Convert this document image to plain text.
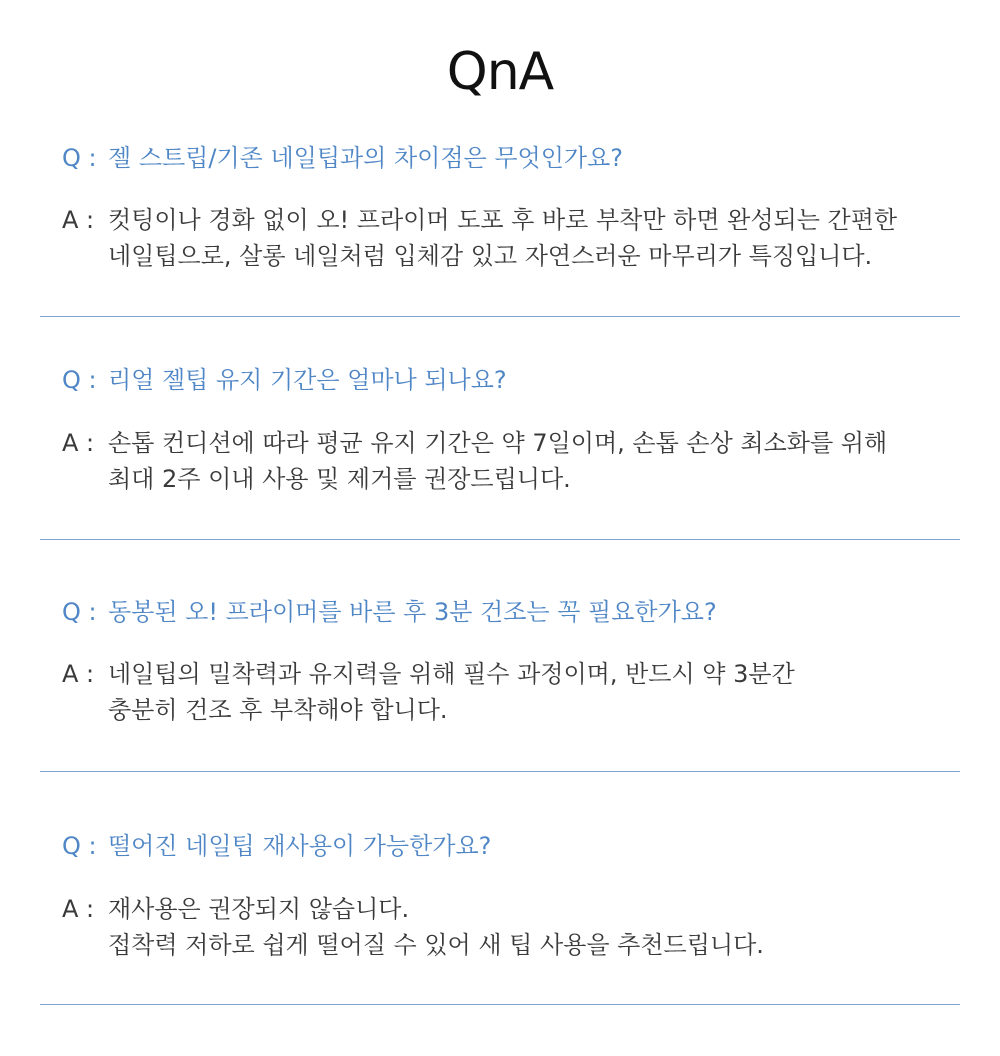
QnA
Q : 젤 스트립/기존 네일팁과의 차이점은 무엇인가요?
A : 컷팅이나 경화 없이 오! 프라이머 도포 후 바로 부착만 하면 완성되는 간편한
네일팁으로, 살롱 네일처럼 입체감 있고 자연스러운 마무리가 특징입니다.
Q : 리얼 젤팁 유지 기간은 얼마나 되나요?
A : 손톱 컨디션에 따라 평균 유지 기간은 약 7일이며, 손톱 손상 최소화를 위해
최대 2주 이내 사용 및 제거를 권장드립니다.
Q : 동봉된 오! 프라이머를 바른 후 3분 건조는 꼭 필요한가요?
A : 네일팁의 밀착력과 유지력을 위해 필수 과정이며, 반드시 약 3분간
충분히 건조 후 부착해야 합니다.
Q : 떨어진 네일팁 재사용이 가능한가요?
A : 재사용은 권장되지 않습니다.
접착력 저하로 쉽게 떨어질 수 있어 새 팁 사용을 추천드립니다.
